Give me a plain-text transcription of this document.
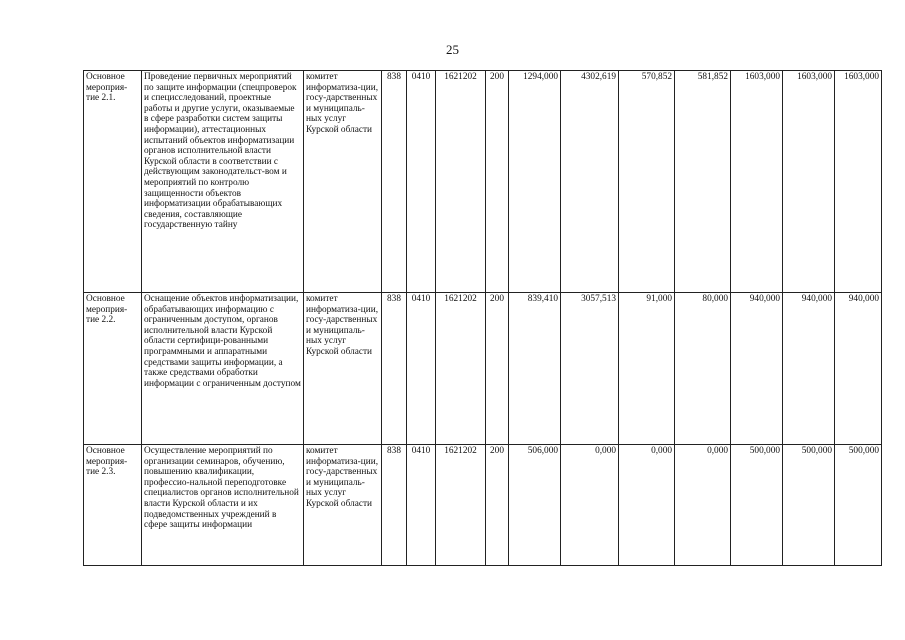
25
Основное мероприя-тие 2.1.	Проведение первичных мероприятий по защите информации (спецпроверок и специсследований, проектные работы и другие услуги, оказываемые в сфере разработки систем защиты информации), аттестационных испытаний объектов информатизации органов исполнительной власти Курской области в соответствии с действующим законодательст-вом и мероприятий по контролю защищенности объектов информатизации обрабатывающих сведения, составляющие государственную тайну	комитет информатиза-ции, госу-дарственных и муниципаль-ных услуг Курской области	838	0410	1621202	200	1294,000	4302,619	570,852	581,852	1603,000	1603,000	1603,000
Основное мероприя-тие 2.2.	Оснащение объектов информатизации, обрабатывающих информацию с ограниченным доступом, органов исполнительной власти Курской области сертифици-рованными программными и аппаратными средствами защиты информации, а также средствами обработки информации с ограниченным доступом	комитет информатиза-ции, госу-дарственных и муниципаль-ных услуг Курской области	838	0410	1621202	200	839,410	3057,513	91,000	80,000	940,000	940,000	940,000
Основное мероприя-тие 2.3.	Осуществление мероприятий по организации семинаров, обучению, повышению квалификации, профессио-нальной переподготовке специалистов органов исполнительной власти Курской области и их подведомственных учреждений в сфере защиты информации	комитет информатиза-ции, госу-дарственных и муниципаль-ных услуг Курской области	838	0410	1621202	200	506,000	0,000	0,000	0,000	500,000	500,000	500,000
